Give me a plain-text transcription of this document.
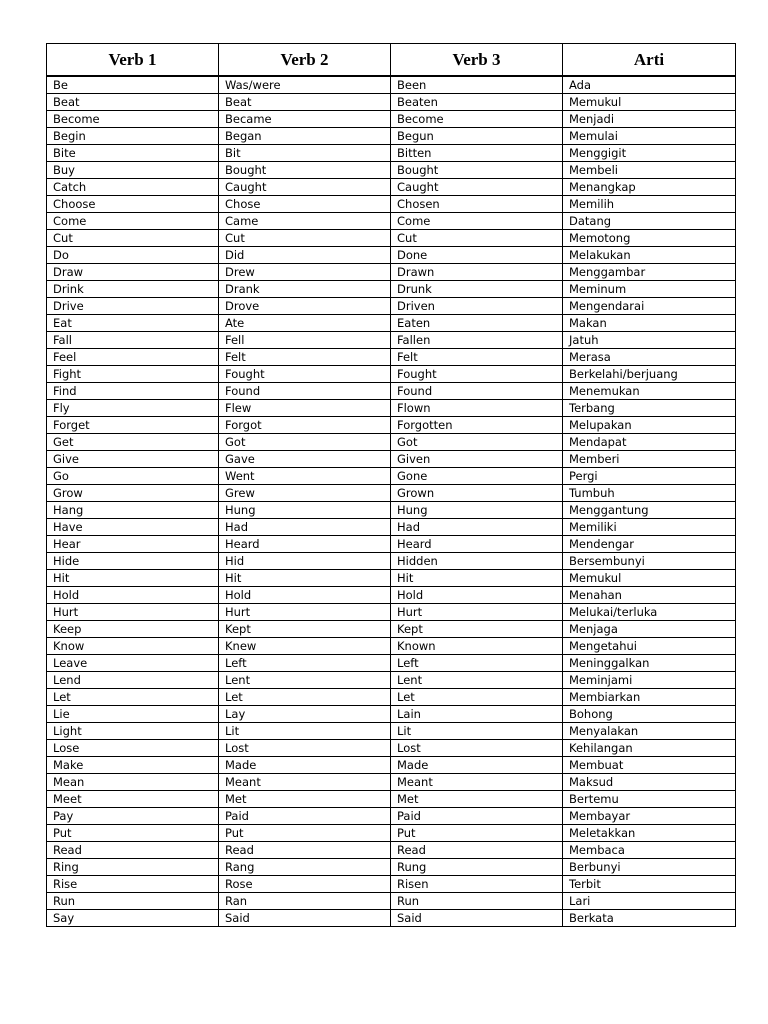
Verb 1	Verb 2	Verb 3	Arti
Be	Was/were	Been	Ada
Beat	Beat	Beaten	Memukul
Become	Became	Become	Menjadi
Begin	Began	Begun	Memulai
Bite	Bit	Bitten	Menggigit
Buy	Bought	Bought	Membeli
Catch	Caught	Caught	Menangkap
Choose	Chose	Chosen	Memilih
Come	Came	Come	Datang
Cut	Cut	Cut	Memotong
Do	Did	Done	Melakukan
Draw	Drew	Drawn	Menggambar
Drink	Drank	Drunk	Meminum
Drive	Drove	Driven	Mengendarai
Eat	Ate	Eaten	Makan
Fall	Fell	Fallen	Jatuh
Feel	Felt	Felt	Merasa
Fight	Fought	Fought	Berkelahi/berjuang
Find	Found	Found	Menemukan
Fly	Flew	Flown	Terbang
Forget	Forgot	Forgotten	Melupakan
Get	Got	Got	Mendapat
Give	Gave	Given	Memberi
Go	Went	Gone	Pergi
Grow	Grew	Grown	Tumbuh
Hang	Hung	Hung	Menggantung
Have	Had	Had	Memiliki
Hear	Heard	Heard	Mendengar
Hide	Hid	Hidden	Bersembunyi
Hit	Hit	Hit	Memukul
Hold	Hold	Hold	Menahan
Hurt	Hurt	Hurt	Melukai/terluka
Keep	Kept	Kept	Menjaga
Know	Knew	Known	Mengetahui
Leave	Left	Left	Meninggalkan
Lend	Lent	Lent	Meminjami
Let	Let	Let	Membiarkan
Lie	Lay	Lain	Bohong
Light	Lit	Lit	Menyalakan
Lose	Lost	Lost	Kehilangan
Make	Made	Made	Membuat
Mean	Meant	Meant	Maksud
Meet	Met	Met	Bertemu
Pay	Paid	Paid	Membayar
Put	Put	Put	Meletakkan
Read	Read	Read	Membaca
Ring	Rang	Rung	Berbunyi
Rise	Rose	Risen	Terbit
Run	Ran	Run	Lari
Say	Said	Said	Berkata
